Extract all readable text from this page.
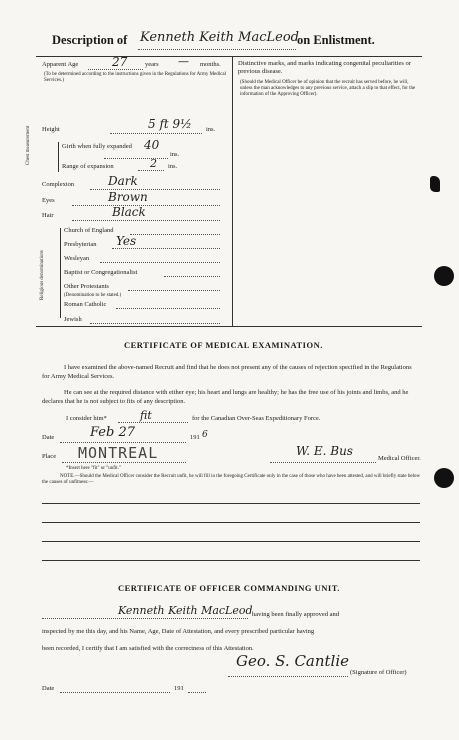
Description of Kenneth Keith MacLeod
on Enlistment.
Apparent Age	27	years — months.
(To be determined according to the instructions given in the Regulations for Army Medical Services.)
Distinctive marks, and marks indicating congenital peculiarities or previous disease.
(Should the Medical Officer be of opinion that the recruit has served before, he will, unless the man acknowledges to any previous service, attach a slip to that effect, for the information of the Approving Officer).
Height	5 ft 9½ ins.
Chest measurement	Girth when fully expanded 40
ins.
Range of expansion	2 ins.
Complexion	Dark
Eyes	Brown
Hair	Black
Religious denominations
Church of England
Presbyterian Yes
Wesleyan
Baptist or Congregationalist
Other Protestants
(Denomination to be stated.)
Roman Catholic
Jewish
CERTIFICATE OF MEDICAL EXAMINATION.
I have examined the above-named Recruit and find that he does not present any of the causes of rejection specified in the Regulations for Army Medical Services.
He can see at the required distance with either eye; his heart and lungs are healthy; he has the free use of his joints and limbs, and he declares that he is not subject to fits of any description.
I consider him*	fit	for the Canadian Over-Seas Expeditionary Force.
Date	Feb 27	191 6
Place MONTREAL	W. E. Bus
Medical Officer.
*Insert here "fit" or "unfit."
NOTE.—Should the Medical Officer consider the Recruit unfit, he will fill in the foregoing Certificate only in the case of those who have been attested, and will briefly state below the causes of unfitness:—
CERTIFICATE OF OFFICER COMMANDING UNIT.
Kenneth Keith MacLeod having been finally approved and
inspected by me this day, and his Name, Age, Date of Attestation, and every prescribed particular having
been recorded, I certify that I am satisfied with the correctness of this Attestation.
Geo. S. Cantlie
(Signature of Officer)
Date	191
